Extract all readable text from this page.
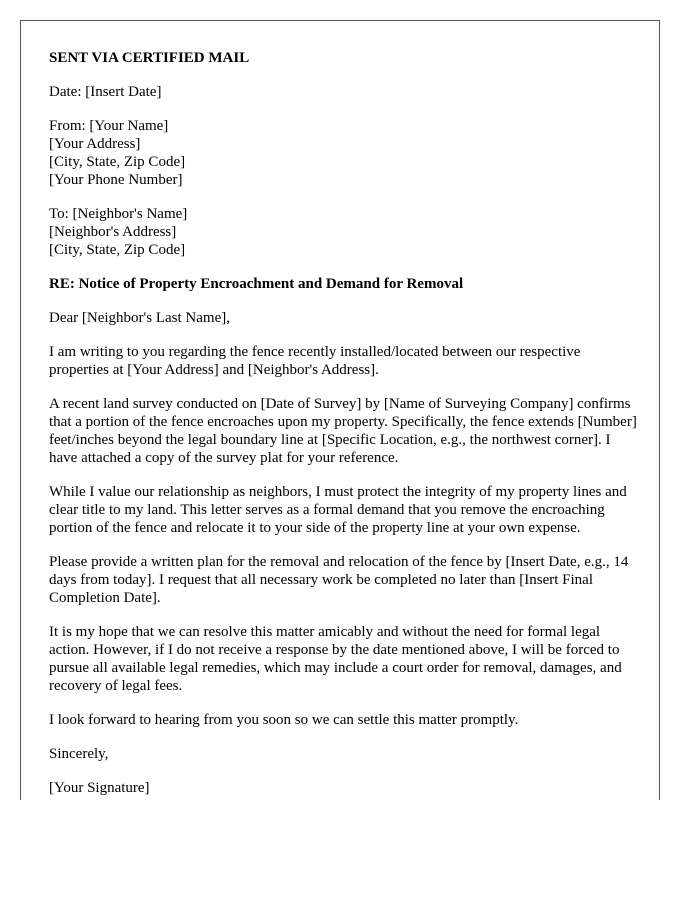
SENT VIA CERTIFIED MAIL

Date: [Insert Date]

From: [Your Name]
[Your Address]
[City, State, Zip Code]
[Your Phone Number]

To: [Neighbor's Name]
[Neighbor's Address]
[City, State, Zip Code]

RE: Notice of Property Encroachment and Demand for Removal

Dear [Neighbor's Last Name],

I am writing to you regarding the fence recently installed/located between our respective properties at [Your Address] and [Neighbor's Address].

A recent land survey conducted on [Date of Survey] by [Name of Surveying Company] confirms that a portion of the fence encroaches upon my property. Specifically, the fence extends [Number] feet/inches beyond the legal boundary line at [Specific Location, e.g., the northwest corner]. I have attached a copy of the survey plat for your reference.

While I value our relationship as neighbors, I must protect the integrity of my property lines and clear title to my land. This letter serves as a formal demand that you remove the encroaching portion of the fence and relocate it to your side of the property line at your own expense.

Please provide a written plan for the removal and relocation of the fence by [Insert Date, e.g., 14 days from today]. I request that all necessary work be completed no later than [Insert Final Completion Date].

It is my hope that we can resolve this matter amicably and without the need for formal legal action. However, if I do not receive a response by the date mentioned above, I will be forced to pursue all available legal remedies, which may include a court order for removal, damages, and recovery of legal fees.

I look forward to hearing from you soon so we can settle this matter promptly.

Sincerely,

[Your Signature]
